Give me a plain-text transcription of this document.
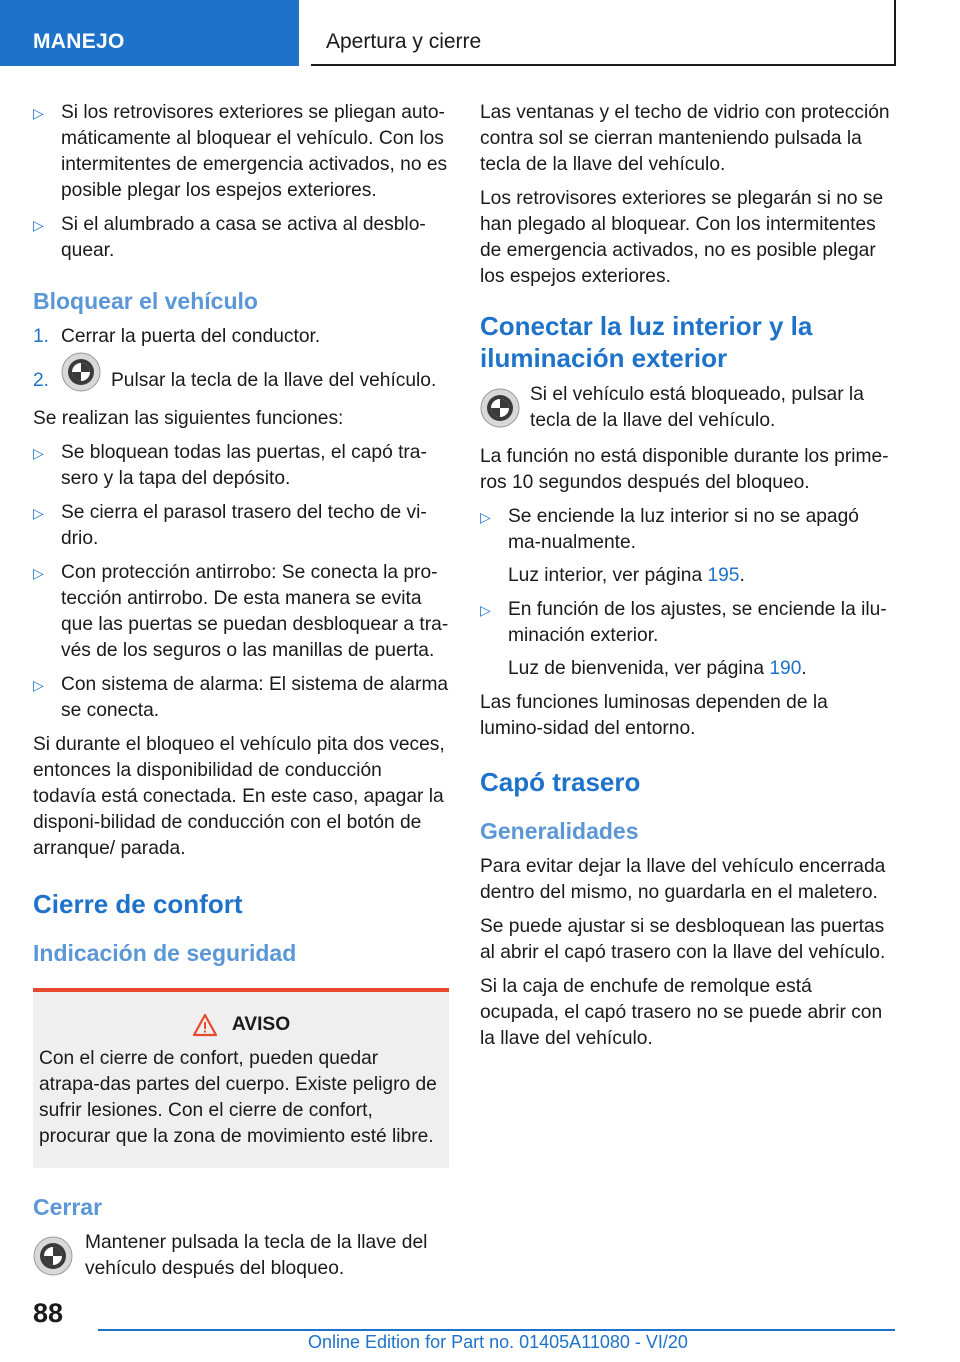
MANEJO	Apertura y cierre
▷ Si los retrovisores exteriores se pliegan auto‐máticamente al bloquear el vehículo. Con los intermitentes de emergencia activados, no es posible plegar los espejos exteriores.
▷ Si el alumbrado a casa se activa al desblo‐quear.
Bloquear el vehículo
1. Cerrar la puerta del conductor.
2.	Pulsar la tecla de la llave del vehículo.

Se realizan las siguientes funciones:

▷ Se bloquean todas las puertas, el capó tra‐sero y la tapa del depósito.
▷ Se cierra el parasol trasero del techo de vi‐drio.
▷ Con protección antirrobo: Se conecta la pro‐tección antirrobo. De esta manera se evita que las puertas se puedan desbloquear a tra‐vés de los seguros o las manillas de puerta.
▷ Con sistema de alarma: El sistema de alarma se conecta.

Si durante el bloqueo el vehículo pita dos veces, entonces la disponibilidad de conducción todavía está conectada. En este caso, apagar la disponi‐bilidad de conducción con el botón de arranque/ parada.

Cierre de confort
Indicación de seguridad
AVISO

Con el cierre de confort, pueden quedar atrapa‐das partes del cuerpo. Existe peligro de sufrir lesiones. Con el cierre de confort, procurar que la zona de movimiento esté libre.

Cerrar

Mantener pulsada la tecla de la llave del vehículo después del bloqueo.

Las ventanas y el techo de vidrio con protección contra sol se cierran manteniendo pulsada la tecla de la llave del vehículo.

Los retrovisores exteriores se plegarán si no se han plegado al bloquear. Con los intermitentes de emergencia activados, no es posible plegar los espejos exteriores.

Conectar la luz interior y la iluminación exterior

Si el vehículo está bloqueado, pulsar la tecla de la llave del vehículo.

La función no está disponible durante los prime‐ros 10 segundos después del bloqueo.

▷ Se enciende la luz interior si no se apagó ma‐nualmente.
Luz interior, ver página 195.
▷ En función de los ajustes, se enciende la ilu‐minación exterior.
Luz de bienvenida, ver página 190.

Las funciones luminosas dependen de la lumino‐sidad del entorno.

Capó trasero
Generalidades

Para evitar dejar la llave del vehículo encerrada dentro del mismo, no guardarla en el maletero.

Se puede ajustar si se desbloquean las puertas al abrir el capó trasero con la llave del vehículo.

Si la caja de enchufe de remolque está ocupada, el capó trasero no se puede abrir con la llave del vehículo.

88
Online Edition for Part no. 01405A11080 - VI/20
